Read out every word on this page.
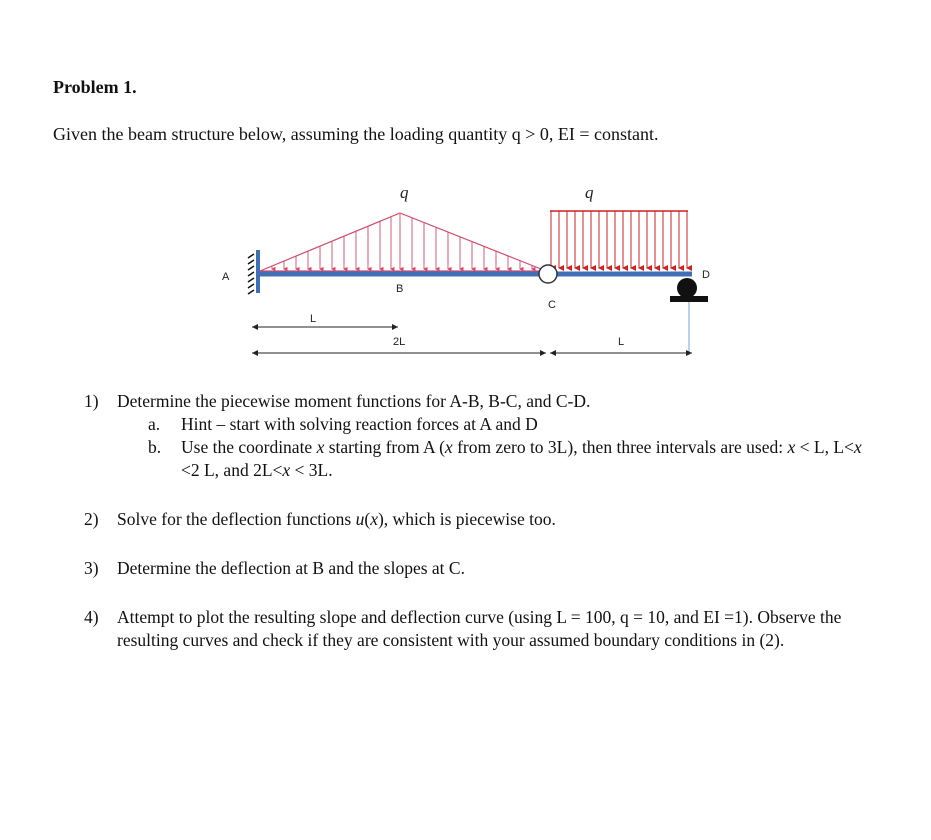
Problem 1.
Given the beam structure below, assuming the loading quantity q > 0, EI = constant.
A
B
C
D
q	q
L
2L	L
1)	Determine the piecewise moment functions for A-B, B-C, and C-D.
a.	Hint – start with solving reaction forces at A and D
b.	Use the coordinate x starting from A (x from zero to 3L), then three intervals are used: x < L, L<x <2 L, and 2L<x < 3L.
2)	Solve for the deflection functions u(x), which is piecewise too.
3)	Determine the deflection at B and the slopes at C.
4)	Attempt to plot the resulting slope and deflection curve (using L = 100, q = 10, and EI =1). Observe the resulting curves and check if they are consistent with your assumed boundary conditions in (2).
